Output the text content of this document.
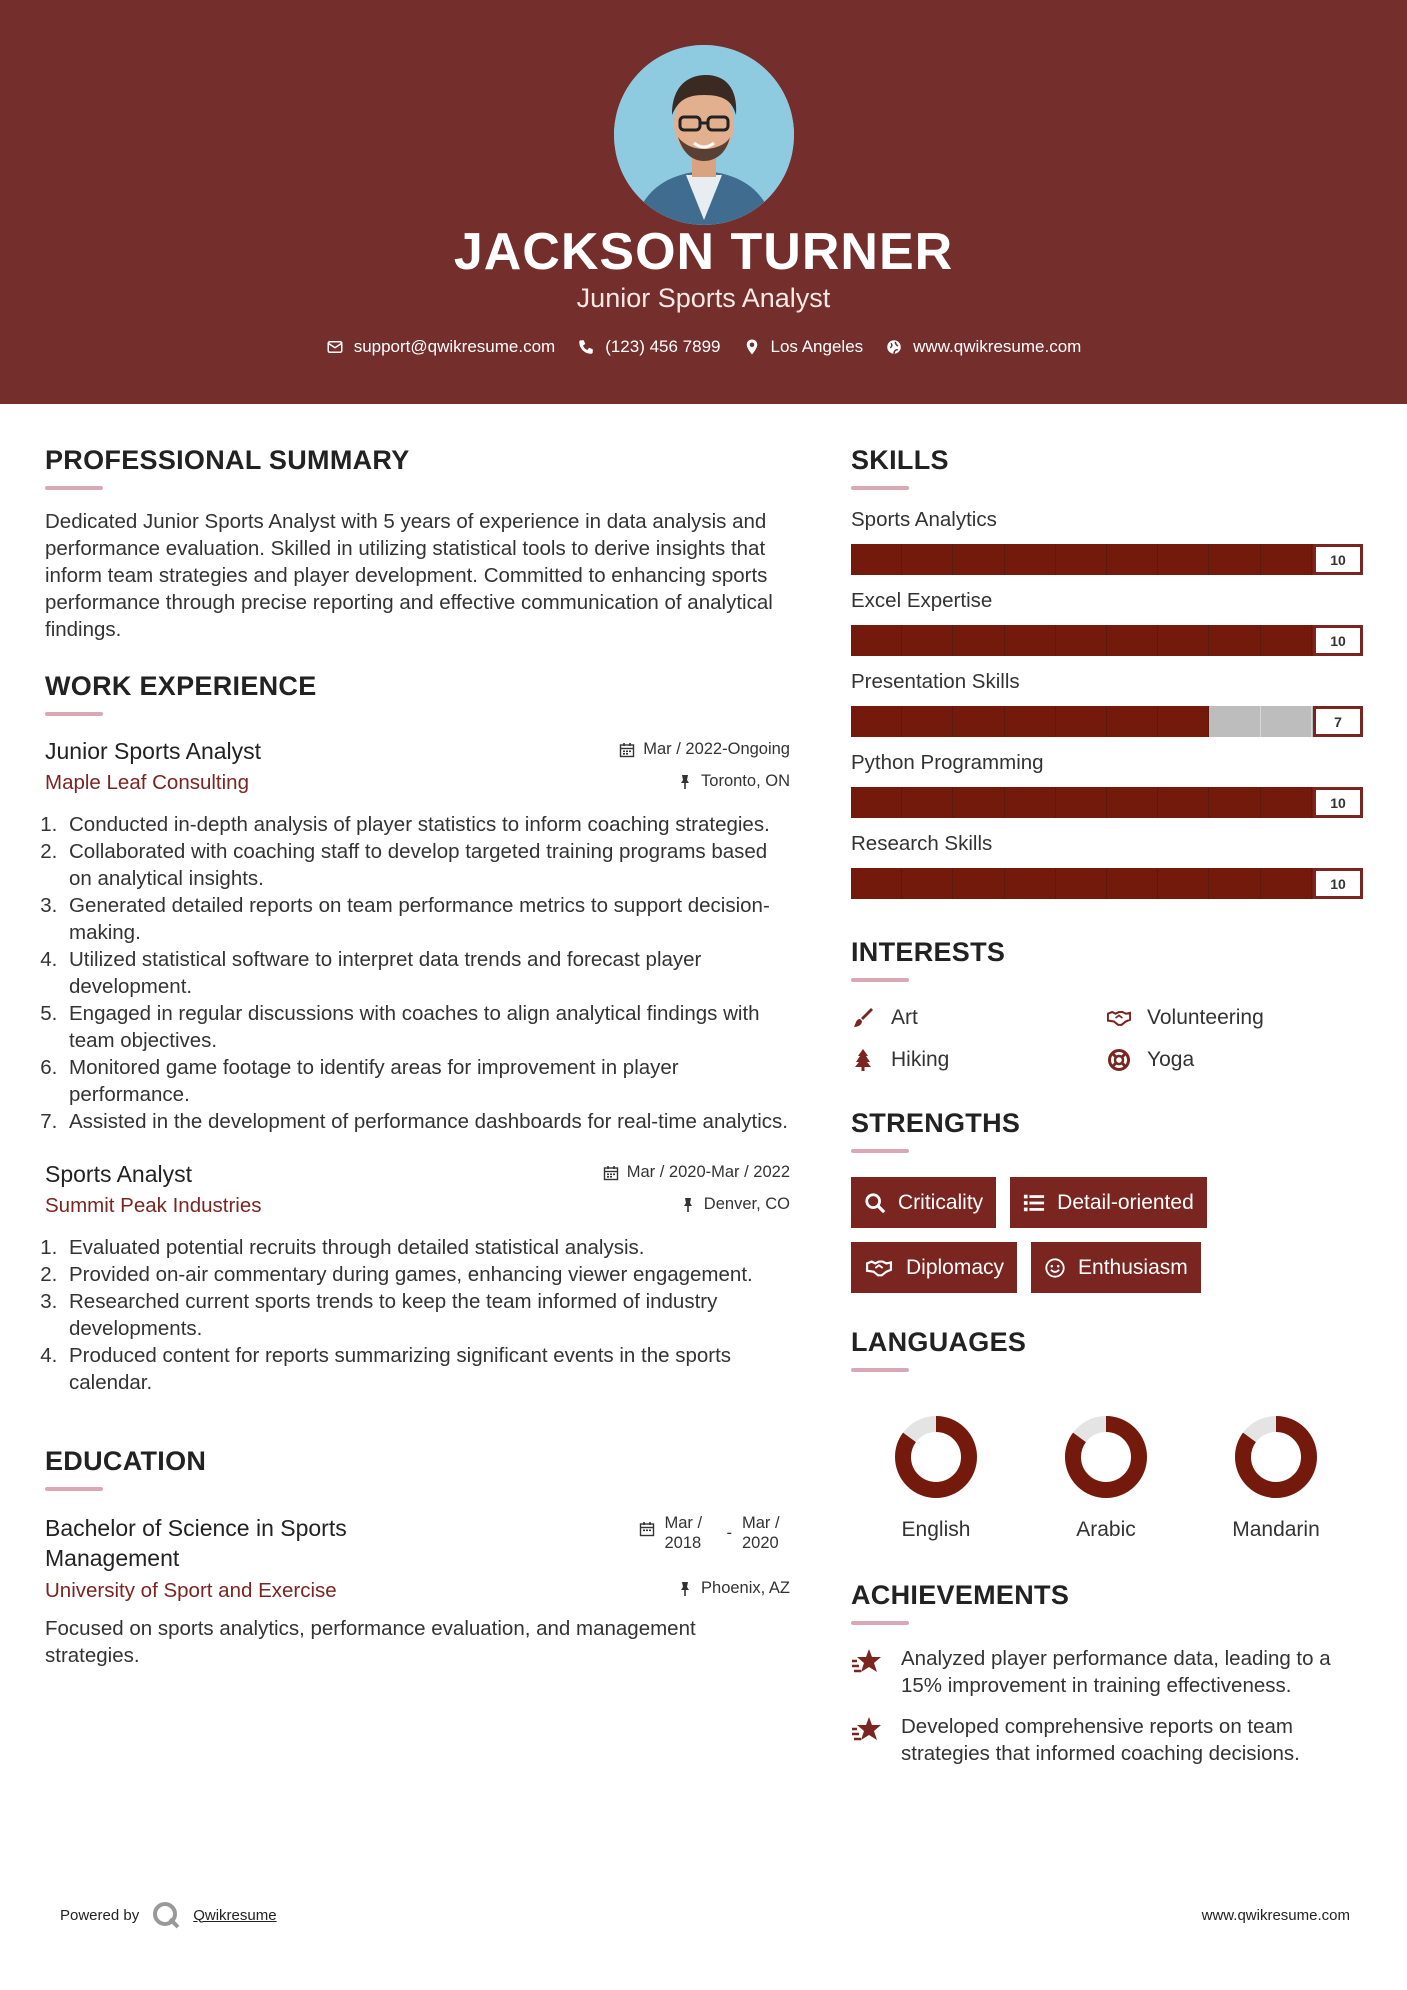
JACKSON TURNER
Junior Sports Analyst
support@qwikresume.com	(123) 456 7899	Los Angeles	www.qwikresume.com
PROFESSIONAL SUMMARY
Dedicated Junior Sports Analyst with 5 years of experience in data analysis and performance evaluation. Skilled in utilizing statistical tools to derive insights that inform team strategies and player development. Committed to enhancing sports performance through precise reporting and effective communication of analytical findings.
WORK EXPERIENCE
Mar / 2022-Ongoing
Toronto, ON
Junior Sports Analyst
Maple Leaf Consulting
1. Conducted in-depth analysis of player statistics to inform coaching strategies.
2. Collaborated with coaching staff to develop targeted training programs based on analytical insights.
3. Generated detailed reports on team performance metrics to support decision-making.
4. Utilized statistical software to interpret data trends and forecast player development.
5. Engaged in regular discussions with coaches to align analytical findings with team objectives.
6. Monitored game footage to identify areas for improvement in player performance.
7. Assisted in the development of performance dashboards for real-time analytics.
Mar / 2020-Mar / 2022
Denver, CO
Sports Analyst
Summit Peak Industries
1. Evaluated potential recruits through detailed statistical analysis.
2. Provided on-air commentary during games, enhancing viewer engagement.
3. Researched current sports trends to keep the team informed of industry developments.
4. Produced content for reports summarizing significant events in the sports calendar.
EDUCATION
Mar / 2018
-
Mar / 2020
Phoenix, AZ
Bachelor of Science in Sports Management
University of Sport and Exercise
Focused on sports analytics, performance evaluation, and management strategies.
SKILLS
Sports Analytics
10
Excel Expertise
10
Presentation Skills
7
Python Programming
10
Research Skills
10
INTERESTS
Art	Volunteering
Hiking	Yoga
STRENGTHS
Criticality	Detail-oriented
Diplomacy	Enthusiasm
LANGUAGES
English	Arabic	Mandarin
ACHIEVEMENTS
Analyzed player performance data, leading to a 15% improvement in training effectiveness.
Developed comprehensive reports on team strategies that informed coaching decisions.
Powered by	Qwikresume	www.qwikresume.com
